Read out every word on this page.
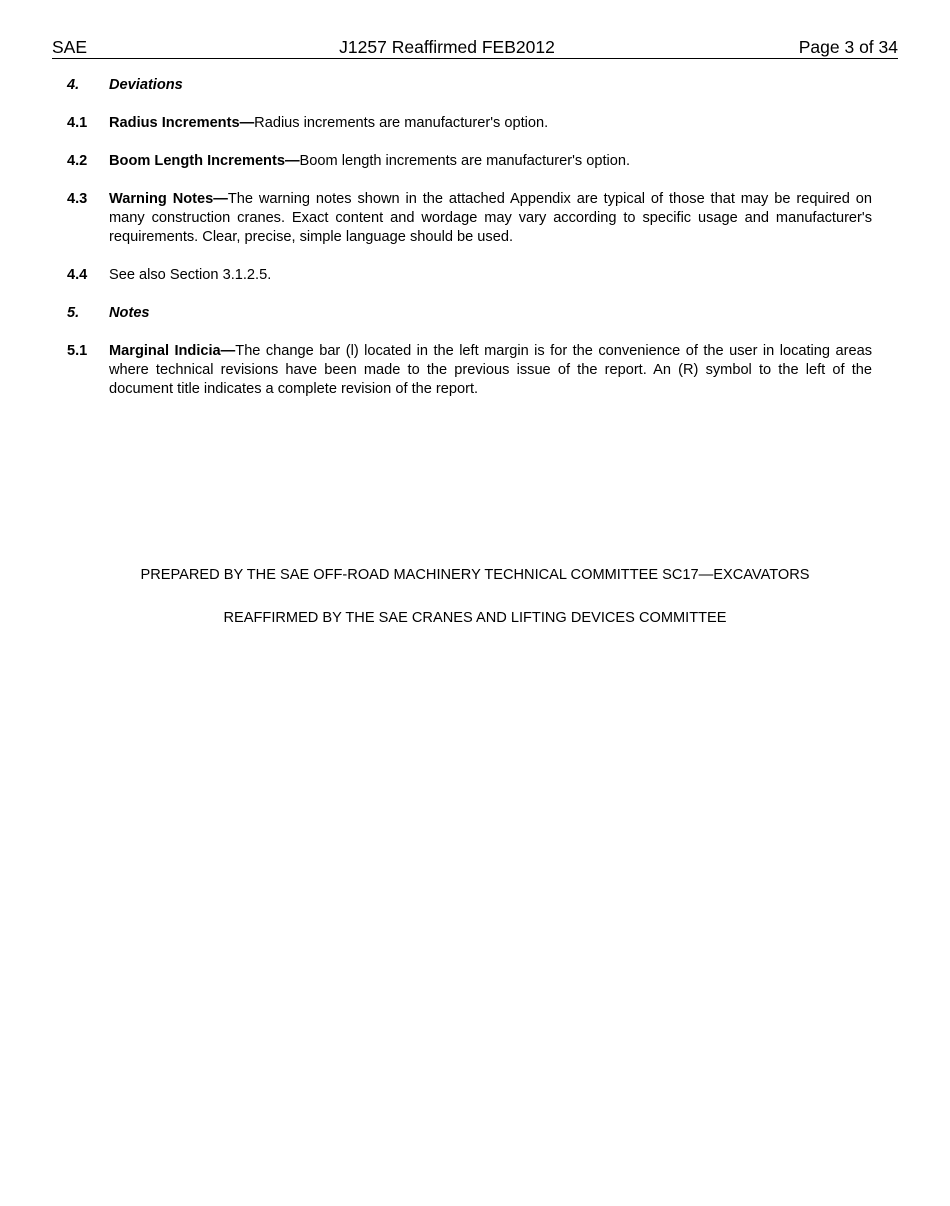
SAE	J1257 Reaffirmed FEB2012	Page 3 of 34
4.	Deviations
4.1	Radius Increments—Radius increments are manufacturer's option.
4.2	Boom Length Increments—Boom length increments are manufacturer's option.
4.3	Warning Notes—The warning notes shown in the attached Appendix are typical of those that may be required on many construction cranes. Exact content and wordage may vary according to specific usage and manufacturer's requirements. Clear, precise, simple language should be used.
4.4	See also Section 3.1.2.5.
5.	Notes
5.1	Marginal Indicia—The change bar (l) located in the left margin is for the convenience of the user in locating areas where technical revisions have been made to the previous issue of the report. An (R) symbol to the left of the document title indicates a complete revision of the report.
PREPARED BY THE SAE OFF-ROAD MACHINERY TECHNICAL COMMITTEE SC17—EXCAVATORS
REAFFIRMED BY THE SAE CRANES AND LIFTING DEVICES COMMITTEE
